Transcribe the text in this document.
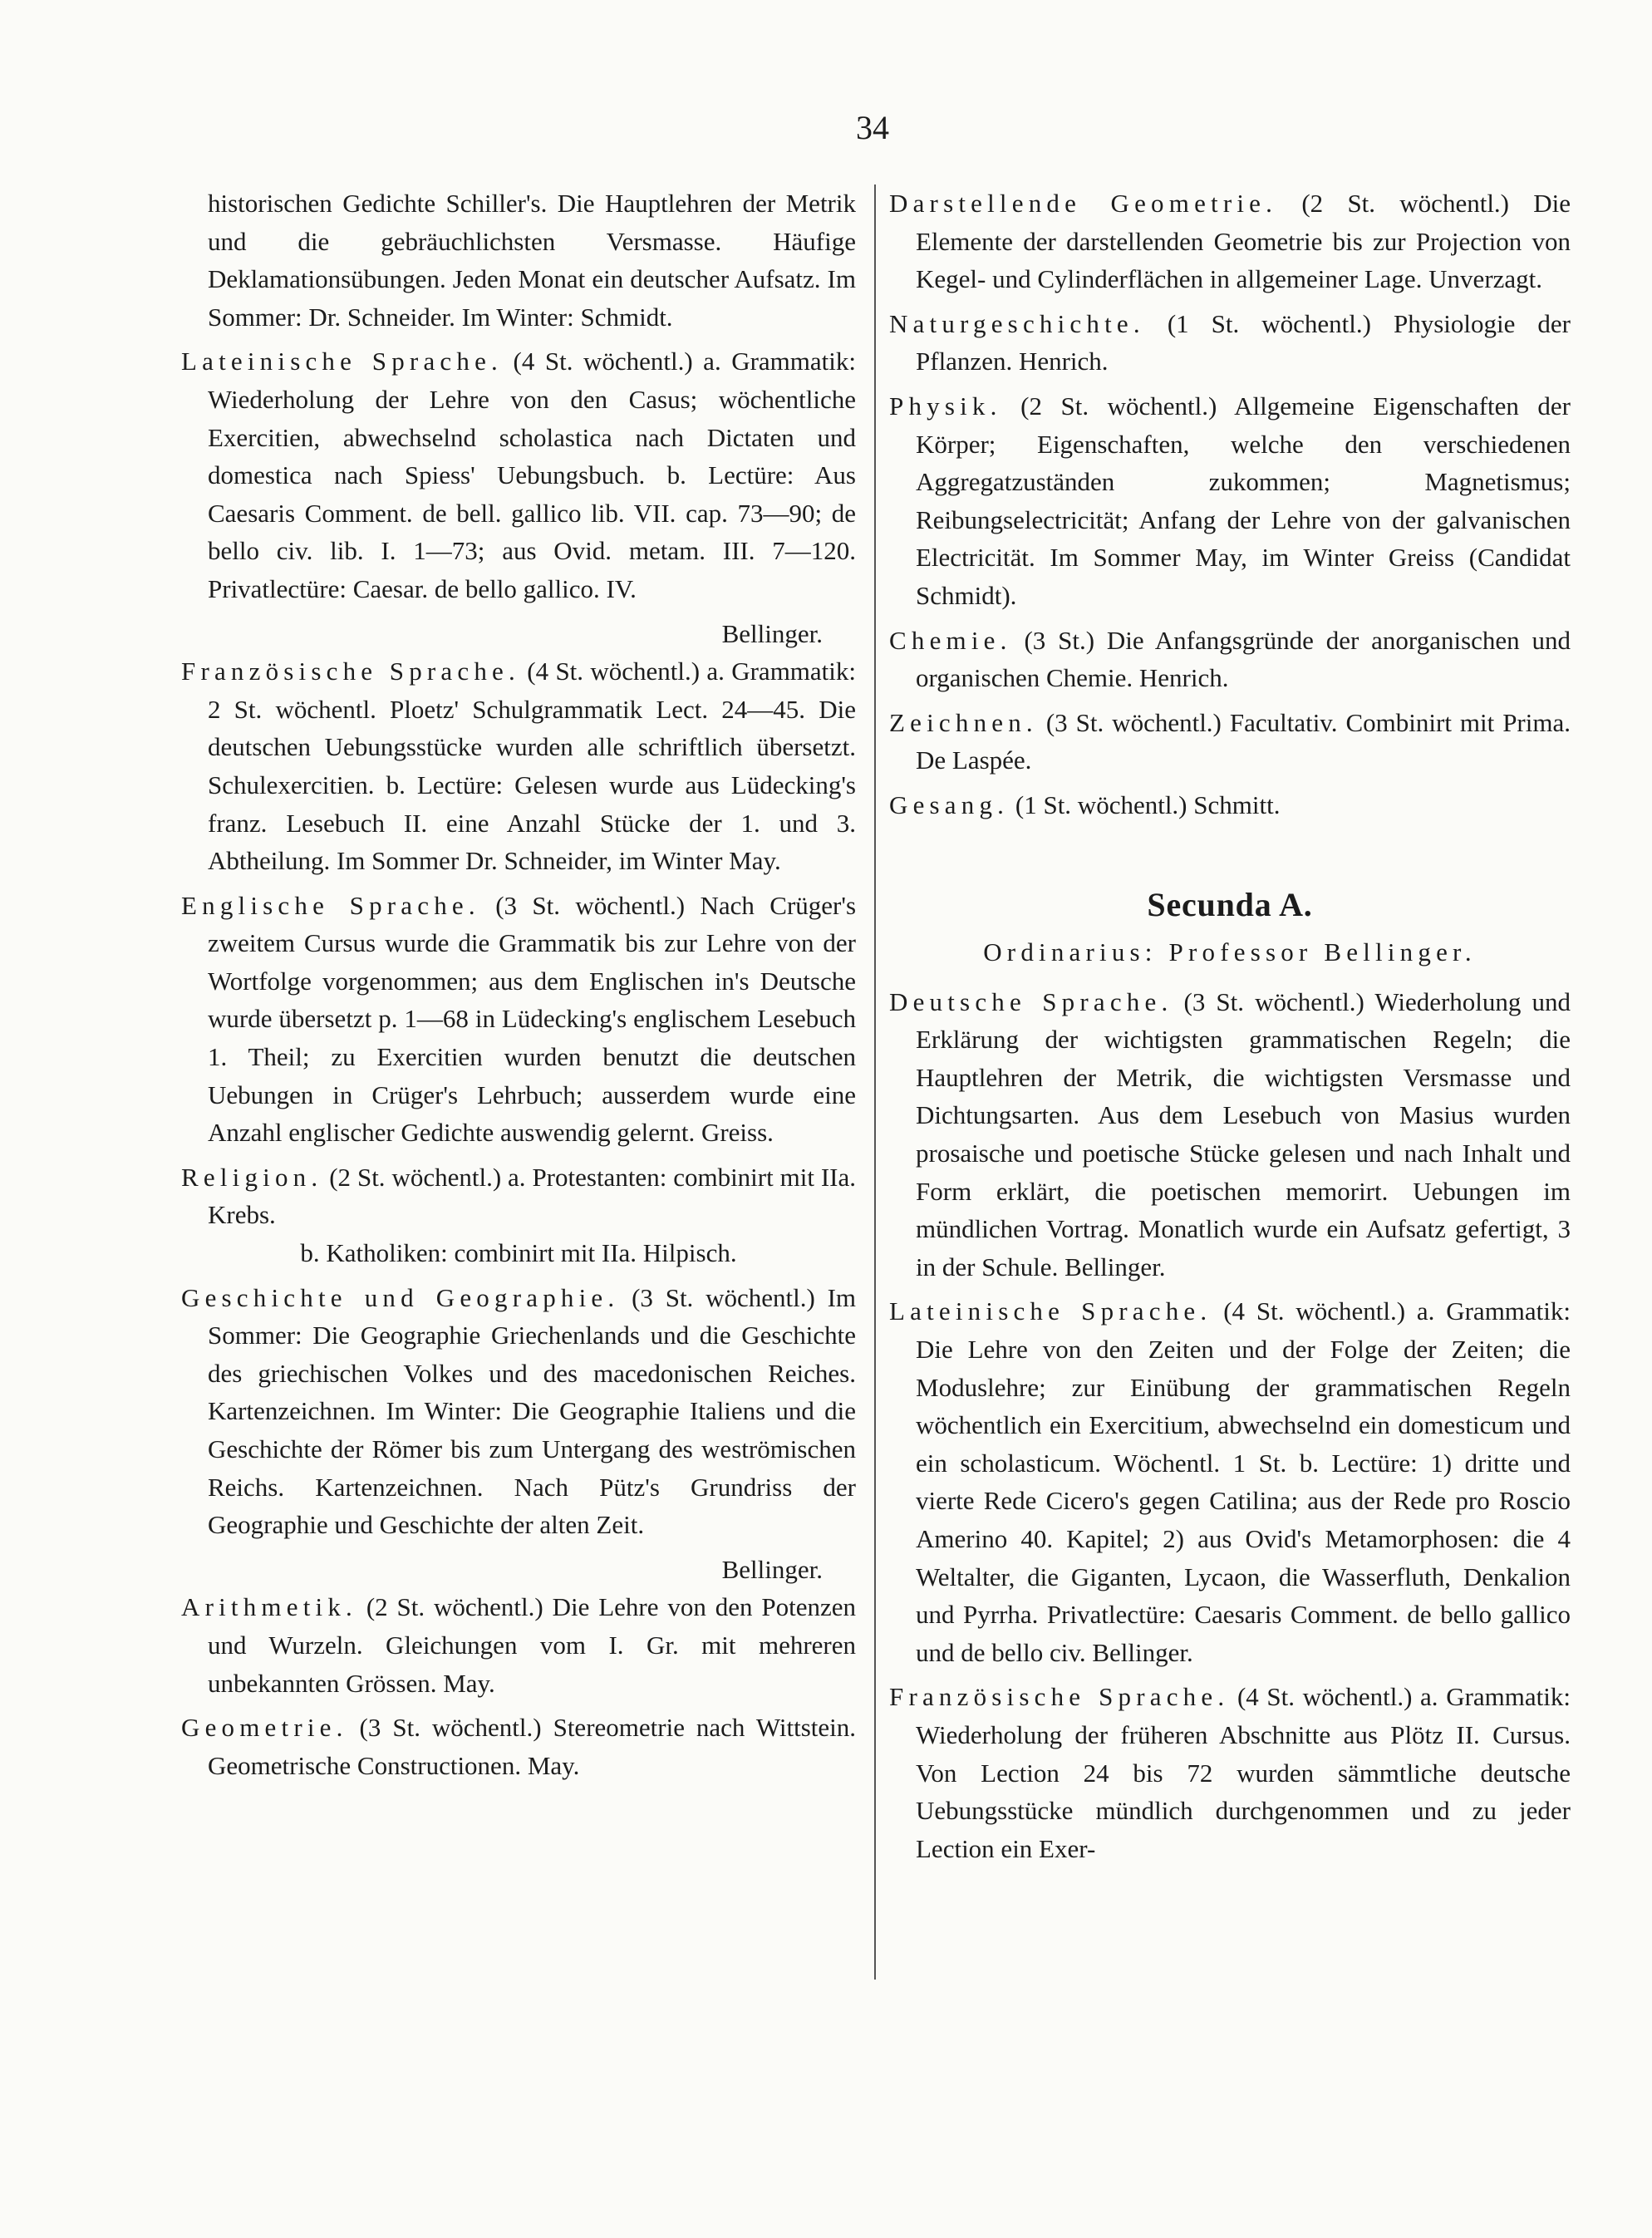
34

historischen Gedichte Schiller's. Die Hauptlehren der Metrik und die gebräuchlichsten Versmasse. Häufige Deklamationsübungen. Jeden Monat ein deutscher Aufsatz. Im Sommer: Dr. Schneider. Im Winter: Schmidt.

Lateinische Sprache. (4 St. wöchentl.) a. Grammatik: Wiederholung der Lehre von den Casus; wöchentliche Exercitien, abwechselnd scholastica nach Dictaten und domestica nach Spiess' Uebungsbuch. b. Lectüre: Aus Caesaris Comment. de bell. gallico lib. VII. cap. 73—90; de bello civ. lib. I. 1—73; aus Ovid. metam. III. 7—120. Privatlectüre: Caesar. de bello gallico. IV.

Bellinger.

Französische Sprache. (4 St. wöchentl.) a. Grammatik: 2 St. wöchentl. Ploetz' Schulgrammatik Lect. 24—45. Die deutschen Uebungsstücke wurden alle schriftlich übersetzt. Schulexercitien. b. Lectüre: Gelesen wurde aus Lüdecking's franz. Lesebuch II. eine Anzahl Stücke der 1. und 3. Abtheilung. Im Sommer Dr. Schneider, im Winter May.

Englische Sprache. (3 St. wöchentl.) Nach Crüger's zweitem Cursus wurde die Grammatik bis zur Lehre von der Wortfolge vorgenommen; aus dem Englischen in's Deutsche wurde übersetzt p. 1—68 in Lüdecking's englischem Lesebuch 1. Theil; zu Exercitien wurden benutzt die deutschen Uebungen in Crüger's Lehrbuch; ausserdem wurde eine Anzahl englischer Gedichte auswendig gelernt. Greiss.

Religion. (2 St. wöchentl.) a. Protestanten: combinirt mit IIa. Krebs.

b. Katholiken: combinirt mit IIa. Hilpisch.

Geschichte und Geographie. (3 St. wöchentl.) Im Sommer: Die Geographie Griechenlands und die Geschichte des griechischen Volkes und des macedonischen Reiches. Kartenzeichnen. Im Winter: Die Geographie Italiens und die Geschichte der Römer bis zum Untergang des weströmischen Reichs. Kartenzeichnen. Nach Pütz's Grundriss der Geographie und Geschichte der alten Zeit.

Bellinger.

Arithmetik. (2 St. wöchentl.) Die Lehre von den Potenzen und Wurzeln. Gleichungen vom I. Gr. mit mehreren unbekannten Grössen. May.

Geometrie. (3 St. wöchentl.) Stereometrie nach Wittstein. Geometrische Constructionen. May.

Darstellende Geometrie. (2 St. wöchentl.) Die Elemente der darstellenden Geometrie bis zur Projection von Kegel- und Cylinderflächen in allgemeiner Lage. Unverzagt.

Naturgeschichte. (1 St. wöchentl.) Physiologie der Pflanzen. Henrich.

Physik. (2 St. wöchentl.) Allgemeine Eigenschaften der Körper; Eigenschaften, welche den verschiedenen Aggregatzuständen zukommen; Magnetismus; Reibungselectricität; Anfang der Lehre von der galvanischen Electricität. Im Sommer May, im Winter Greiss (Candidat Schmidt).

Chemie. (3 St.) Die Anfangsgründe der anorganischen und organischen Chemie. Henrich.

Zeichnen. (3 St. wöchentl.) Facultativ. Combinirt mit Prima. De Laspée.

Gesang. (1 St. wöchentl.) Schmitt.

Secunda A.
Ordinarius: Professor Bellinger.

Deutsche Sprache. (3 St. wöchentl.) Wiederholung und Erklärung der wichtigsten grammatischen Regeln; die Hauptlehren der Metrik, die wichtigsten Versmasse und Dichtungsarten. Aus dem Lesebuch von Masius wurden prosaische und poetische Stücke gelesen und nach Inhalt und Form erklärt, die poetischen memorirt. Uebungen im mündlichen Vortrag. Monatlich wurde ein Aufsatz gefertigt, 3 in der Schule. Bellinger.

Lateinische Sprache. (4 St. wöchentl.) a. Grammatik: Die Lehre von den Zeiten und der Folge der Zeiten; die Moduslehre; zur Einübung der grammatischen Regeln wöchentlich ein Exercitium, abwechselnd ein domesticum und ein scholasticum. Wöchentl. 1 St. b. Lectüre: 1) dritte und vierte Rede Cicero's gegen Catilina; aus der Rede pro Roscio Amerino 40. Kapitel; 2) aus Ovid's Metamorphosen: die 4 Weltalter, die Giganten, Lycaon, die Wasserfluth, Denkalion und Pyrrha. Privatlectüre: Caesaris Comment. de bello gallico und de bello civ. Bellinger.

Französische Sprache. (4 St. wöchentl.) a. Grammatik: Wiederholung der früheren Abschnitte aus Plötz II. Cursus. Von Lection 24 bis 72 wurden sämmtliche deutsche Uebungsstücke mündlich durchgenommen und zu jeder Lection ein Exer-
